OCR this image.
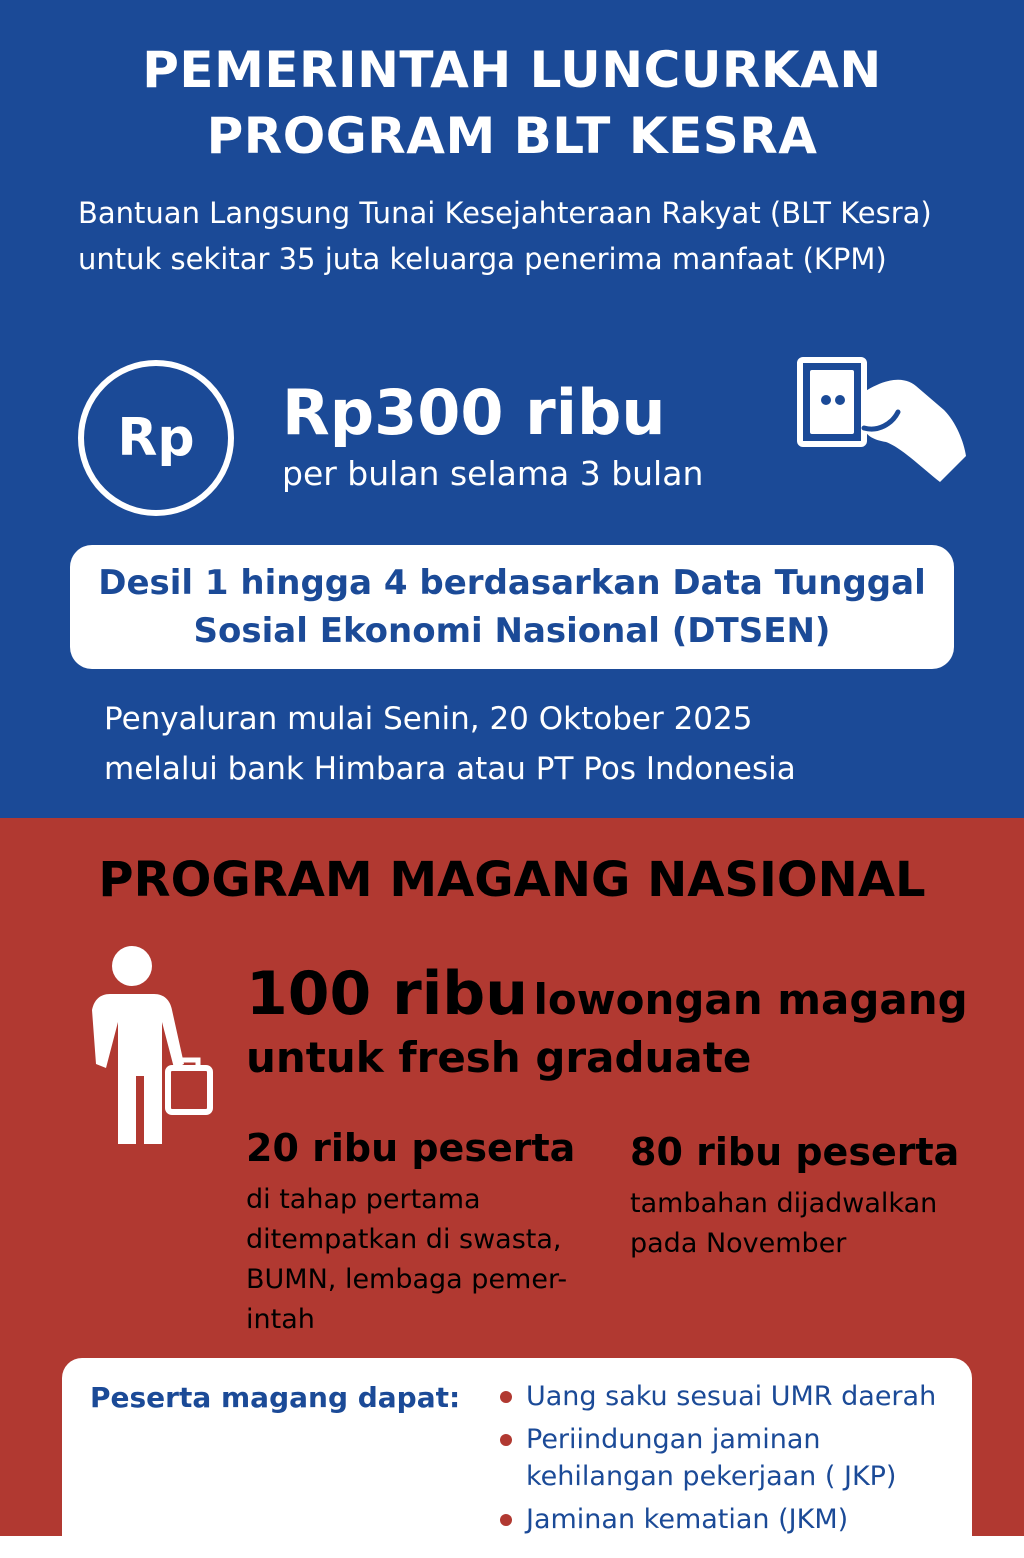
PEMERINTAH LUNCURKAN
PROGRAM BLT KESRA
Bantuan Langsung Tunai Kesejahteraan Rakyat (BLT Kesra) untuk sekitar 35 juta keluarga penerima manfaat (KPM)
Rp Rp300 ribu
per bulan selama 3 bulan
Desil 1 hingga 4 berdasarkan Data Tunggal
Sosial Ekonomi Nasional (DTSEN)
Penyaluran mulai Senin, 20 Oktober 2025
melalui bank Himbara atau PT Pos Indonesia
PROGRAM MAGANG NASIONAL
100 ribu lowongan magang
untuk fresh graduate
20 ribu peserta
di tahap pertama ditempatkan di swasta, BUMN, lembaga pemer-intah
80 ribu peserta
tambahan dijadwalkan pada November
Peserta magang dapat:	Uang saku sesuai UMR daerah
Periindungan jaminan kehilangan pekerjaan ( JKP)
Jaminan kematian (JKM)
